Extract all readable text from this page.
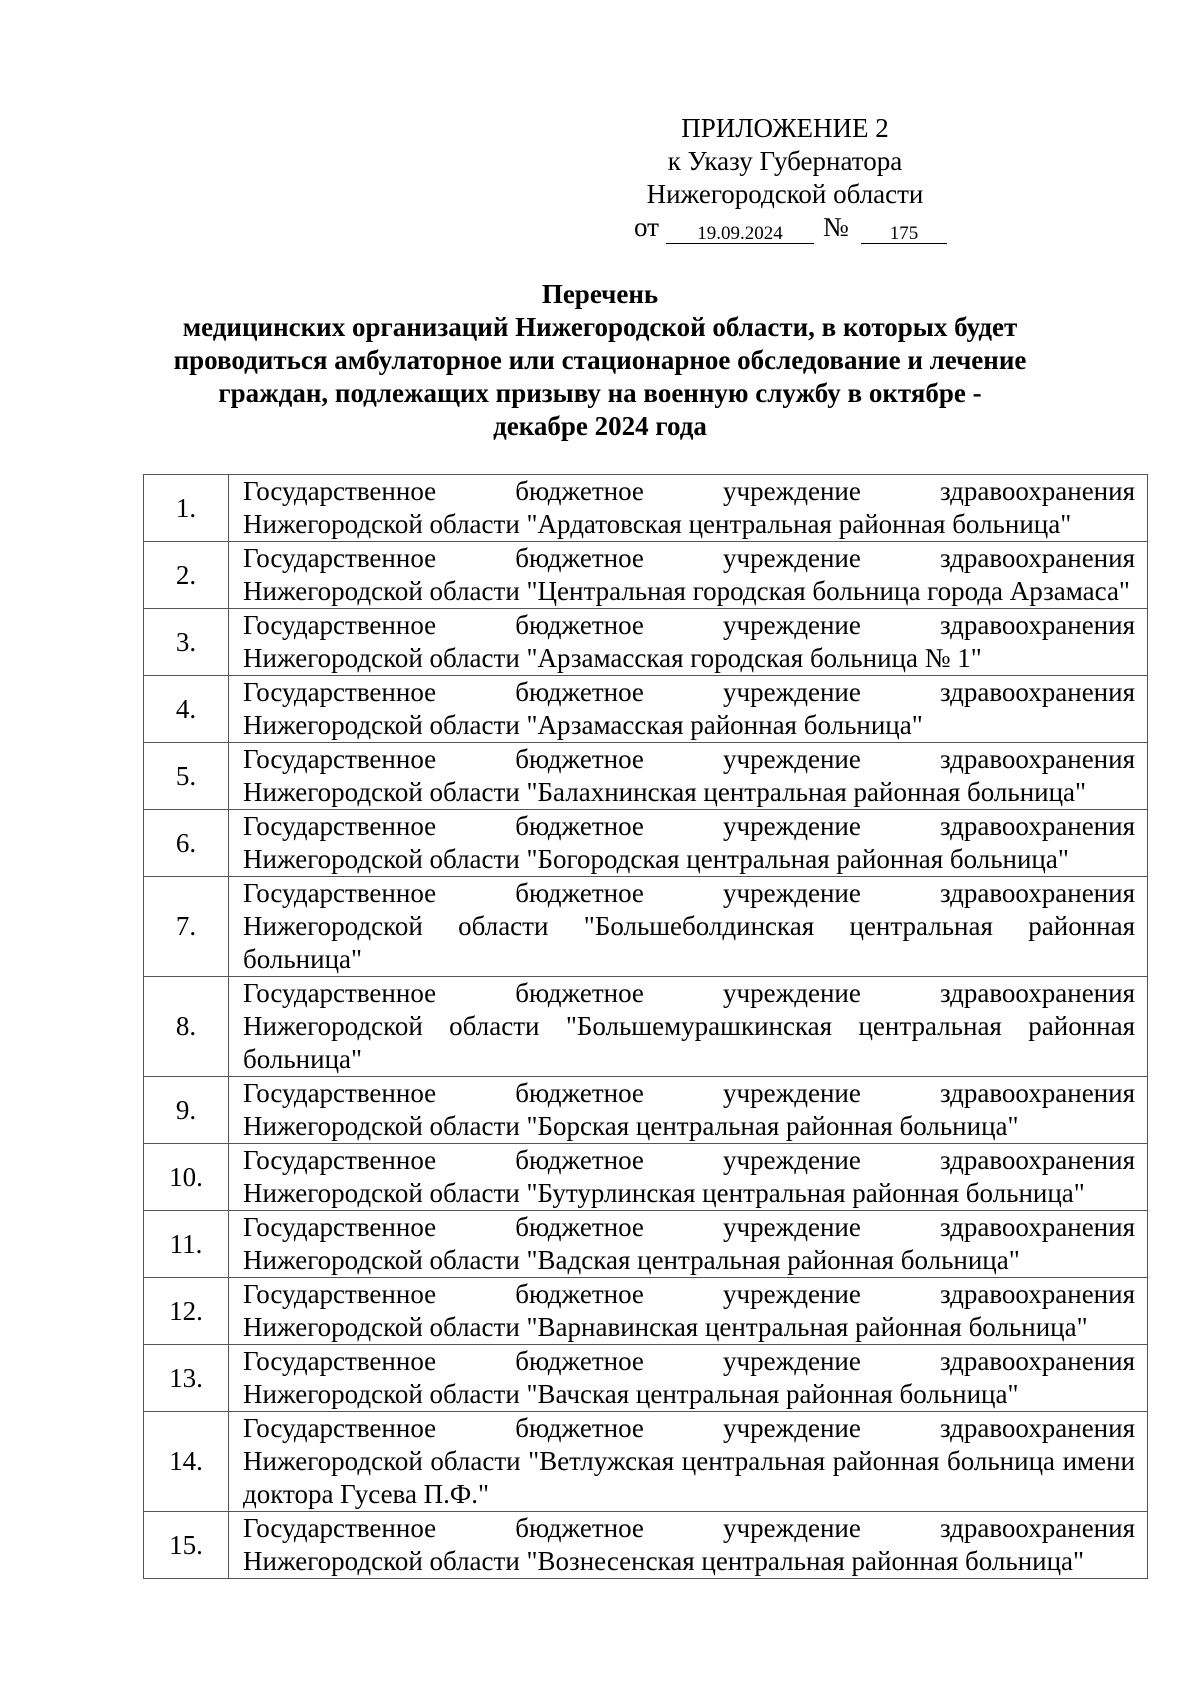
ПРИЛОЖЕНИЕ 2
к Указу Губернатора
Нижегородской области
от	19.09.2024	№	175
Перечень
медицинских организаций Нижегородской области, в которых будет
проводиться амбулаторное или стационарное обследование и лечение
граждан, подлежащих призыву на военную службу в октябре -
декабре 2024 года
1.	Государственное бюджетное учреждение здравоохранения
Нижегородской области "Ардатовская центральная районная больница"

2.	Государственное бюджетное учреждение здравоохранения
Нижегородской области "Центральная городская больница города Арзамаса"

3.	Государственное бюджетное учреждение здравоохранения
Нижегородской области "Арзамасская городская больница № 1"

4.	Государственное бюджетное учреждение здравоохранения
Нижегородской области "Арзамасская районная больница"

5.	Государственное бюджетное учреждение здравоохранения
Нижегородской области "Балахнинская центральная районная больница"

6.	Государственное бюджетное учреждение здравоохранения
Нижегородской области "Богородская центральная районная больница"

7.	Государственное бюджетное учреждение здравоохранения
Нижегородской области "Большеболдинская центральная районная больница"

8.	Государственное бюджетное учреждение здравоохранения
Нижегородской области "Большемурашкинская центральная районная больница"

9.	Государственное бюджетное учреждение здравоохранения
Нижегородской области "Борская центральная районная больница"

10.	Государственное бюджетное учреждение здравоохранения
Нижегородской области "Бутурлинская центральная районная больница"

11.	Государственное бюджетное учреждение здравоохранения
Нижегородской области "Вадская центральная районная больница"

12.	Государственное бюджетное учреждение здравоохранения
Нижегородской области "Варнавинская центральная районная больница"

13.	Государственное бюджетное учреждение здравоохранения
Нижегородской области "Вачская центральная районная больница"

14.	Государственное бюджетное учреждение здравоохранения
Нижегородской области "Ветлужская центральная районная больница имени доктора Гусева П.Ф."

15.	Государственное бюджетное учреждение здравоохранения
Нижегородской области "Вознесенская центральная районная больница"
